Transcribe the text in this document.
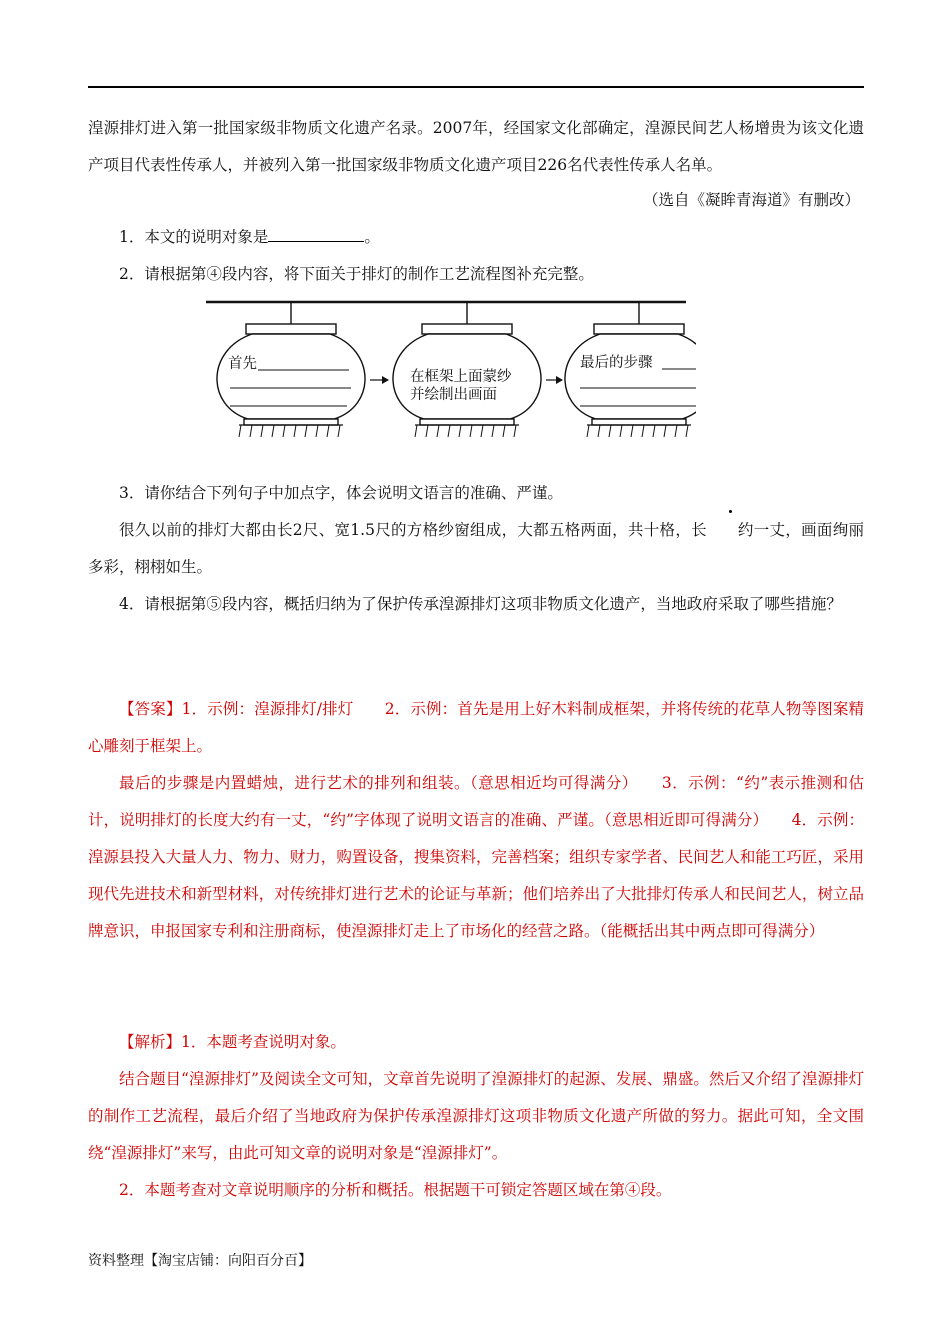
湟源排灯进入第一批国家级非物质文化遗产名录。2007年，经国家文化部确定，湟源民间艺人杨增贵为该文化遗产项目代表性传承人，并被列入第一批国家级非物质文化遗产项目226名代表性传承人名单。

（选自《凝眸青海道》有删改）

1．本文的说明对象是	。

2．请根据第④段内容，将下面关于排灯的制作工艺流程图补充完整。

首先
在框架上面蒙纱
并绘制出画面
最后的步骤

3．请你结合下列句子中加点字，体会说明文语言的准确、严谨。

很久以前的排灯大都由长2尺、宽1.5尺的方格纱窗组成，大都五格两面，共十格，长 约一丈，画面绚丽多彩，栩栩如生。

4．请根据第⑤段内容，概括归纳为了保护传承湟源排灯这项非物质文化遗产，当地政府采取了哪些措施？

【答案】1．示例：湟源排灯/排灯　　2．示例：首先是用上好木料制成框架，并将传统的花草人物等图案精心雕刻于框架上。

最后的步骤是内置蜡烛，进行艺术的排列和组装。（意思相近均可得满分）　　3．示例：“约”表示推测和估计，说明排灯的长度大约有一丈，“约”字体现了说明文语言的准确、严谨。（意思相近即可得满分）　　4．示例：湟源县投入大量人力、物力、财力，购置设备，搜集资料，完善档案；组织专家学者、民间艺人和能工巧匠，采用现代先进技术和新型材料，对传统排灯进行艺术的论证与革新；他们培养出了大批排灯传承人和民间艺人，树立品牌意识，申报国家专利和注册商标，使湟源排灯走上了市场化的经营之路。（能概括出其中两点即可得满分）

【解析】1．本题考查说明对象。

结合题目“湟源排灯”及阅读全文可知，文章首先说明了湟源排灯的起源、发展、鼎盛。然后又介绍了湟源排灯的制作工艺流程，最后介绍了当地政府为保护传承湟源排灯这项非物质文化遗产所做的努力。据此可知，全文围绕“湟源排灯”来写，由此可知文章的说明对象是“湟源排灯”。

2．本题考查对文章说明顺序的分析和概括。根据题干可锁定答题区域在第④段。

资料整理【淘宝店铺：向阳百分百】
